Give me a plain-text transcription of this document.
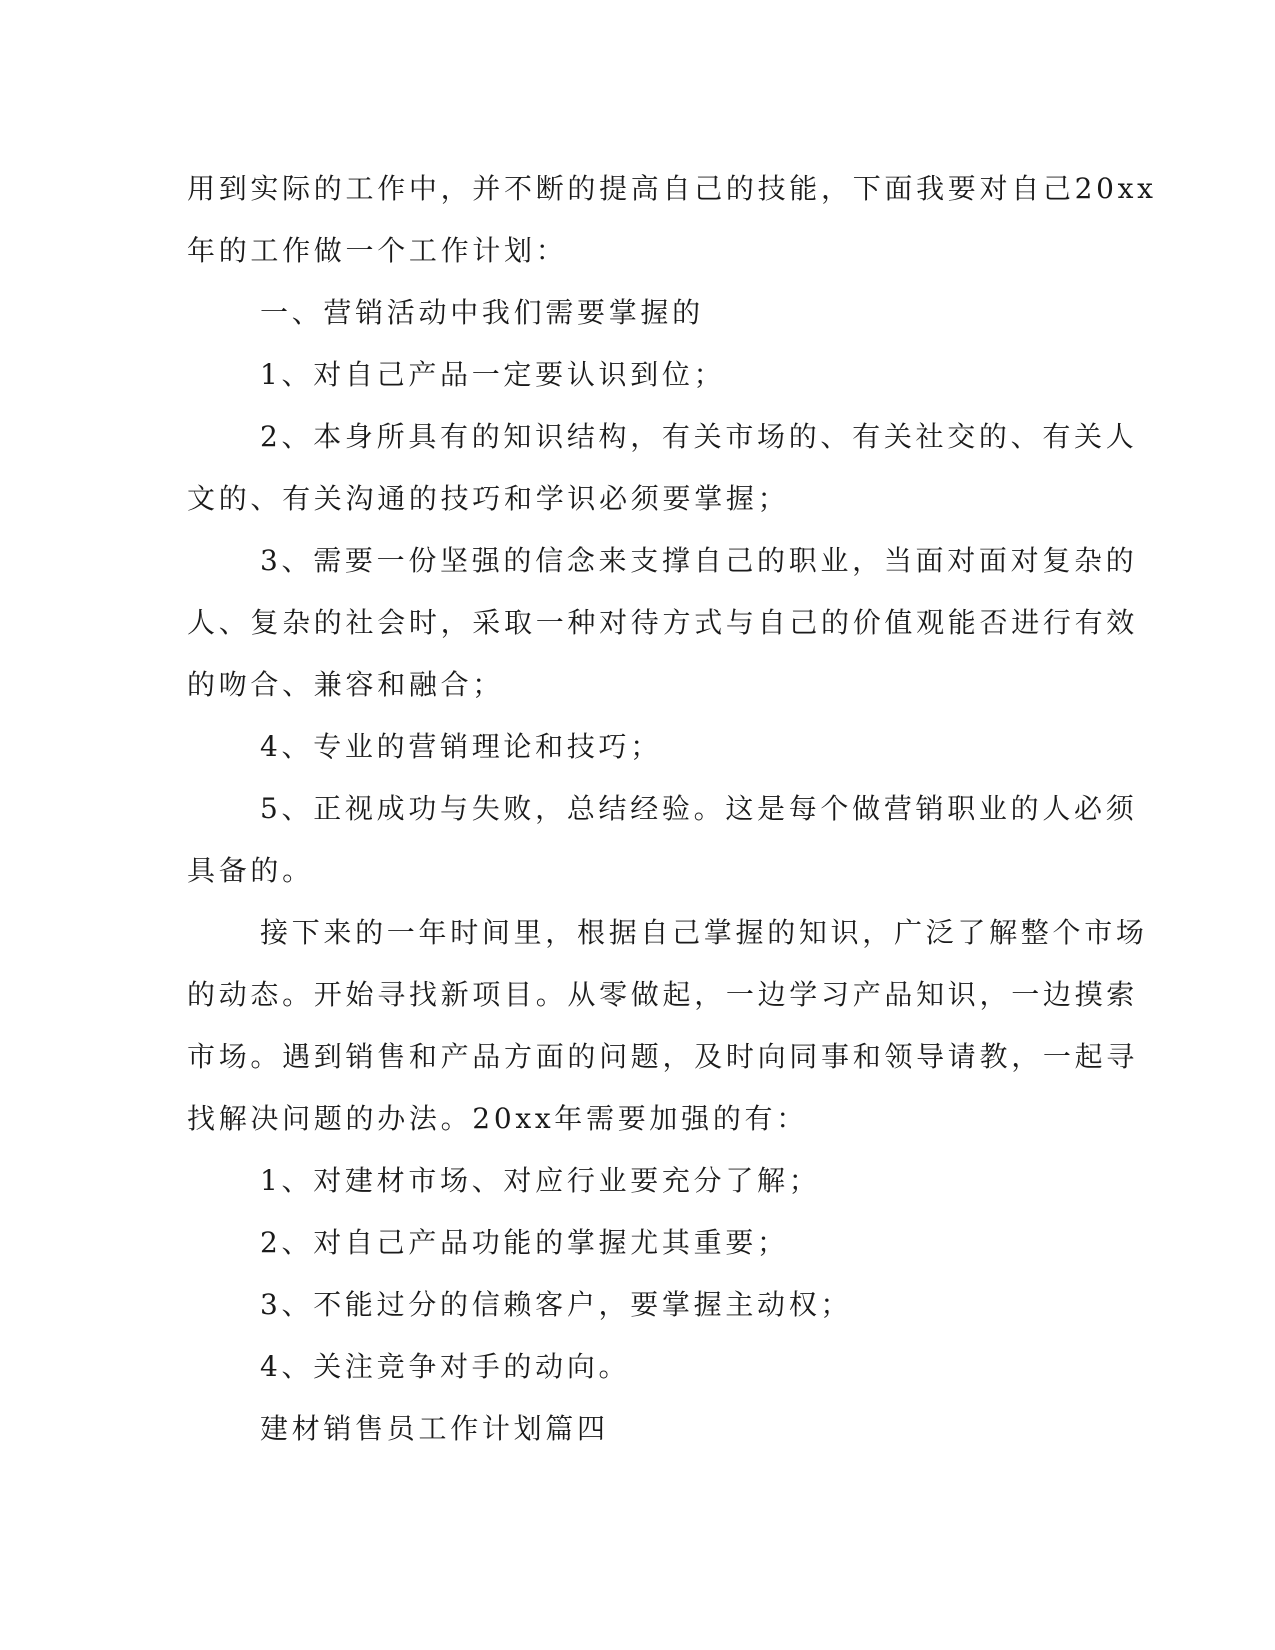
用到实际的工作中，并不断的提高自己的技能，下面我要对自己20xx
年的工作做一个工作计划：
一、营销活动中我们需要掌握的
1、对自己产品一定要认识到位；
2、本身所具有的知识结构，有关市场的、有关社交的、有关人
文的、有关沟通的技巧和学识必须要掌握；
3、需要一份坚强的信念来支撑自己的职业，当面对面对复杂的
人、复杂的社会时，采取一种对待方式与自己的价值观能否进行有效
的吻合、兼容和融合；
4、专业的营销理论和技巧；
5、正视成功与失败，总结经验。这是每个做营销职业的人必须
具备的。
接下来的一年时间里，根据自己掌握的知识，广泛了解整个市场
的动态。开始寻找新项目。从零做起，一边学习产品知识，一边摸索
市场。遇到销售和产品方面的问题，及时向同事和领导请教，一起寻
找解决问题的办法。20xx年需要加强的有：
1、对建材市场、对应行业要充分了解；
2、对自己产品功能的掌握尤其重要；
3、不能过分的信赖客户，要掌握主动权；
4、关注竞争对手的动向。
建材销售员工作计划篇四
